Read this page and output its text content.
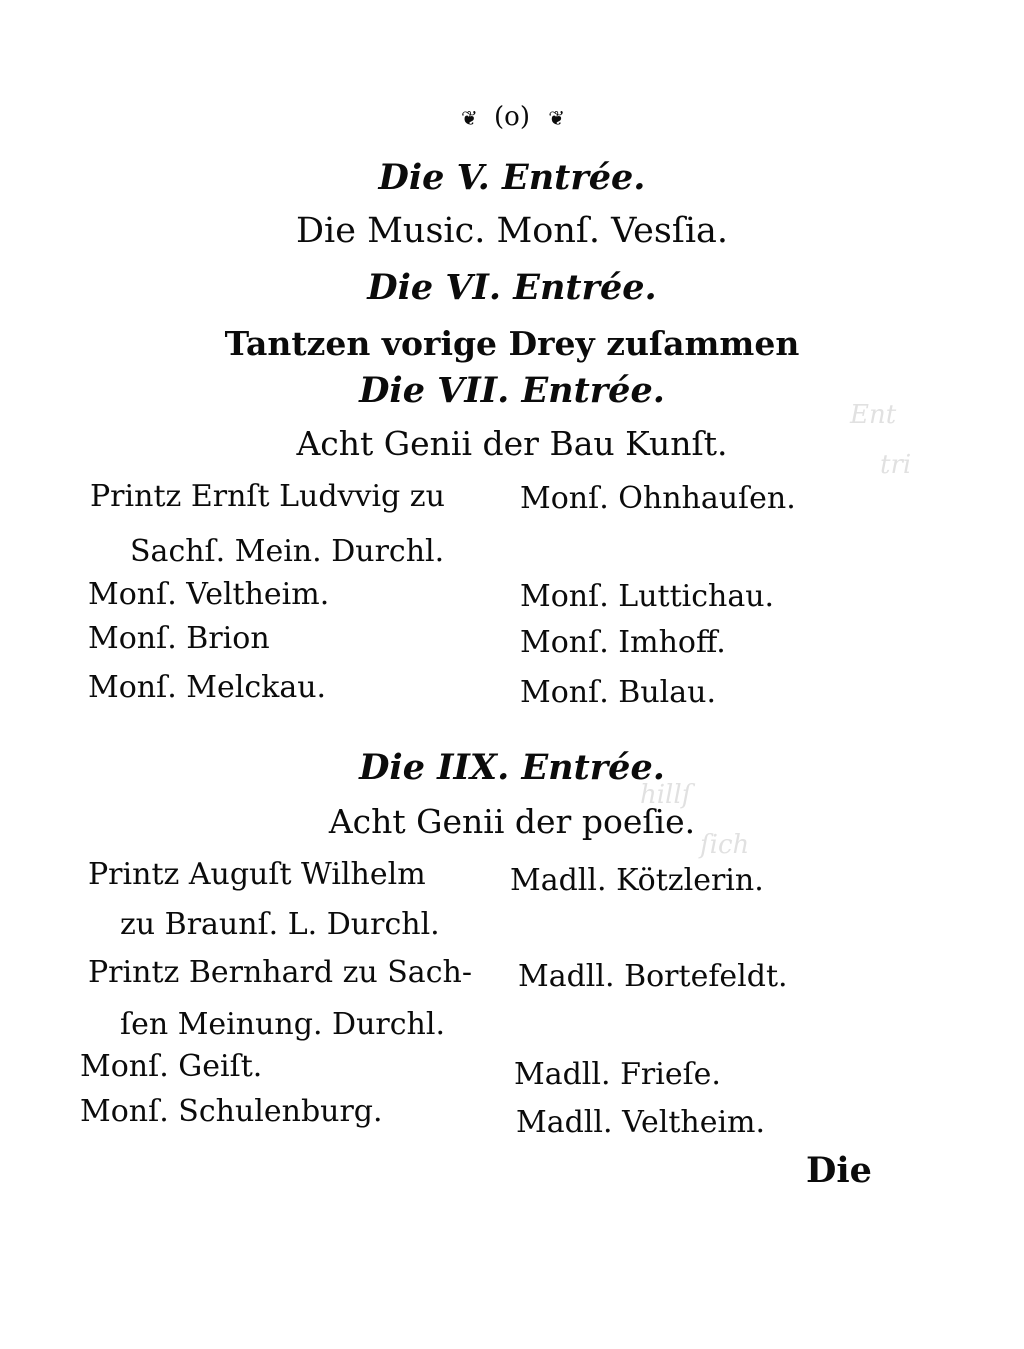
Ent
tri
hillſ
ſich
❦ (o) ❦
Die V. Entrée.
Die Music. Monſ. Vesſia.
Die VI. Entrée.
Tantzen vorige Drey zuſammen
Die VII. Entrée.
Acht Genii der Bau Kunſt.
Printz Ernſt Ludvvig zu
Sachſ. Mein. Durchl.
Monſ. Veltheim.
Monſ. Brion
Monſ. Melckau.
Monſ. Ohnhauſen.
Monſ. Luttichau.
Monſ. Imhoff.
Monſ. Bulau.
Die IIX. Entrée.
Acht Genii der poeſie.
Printz Auguſt Wilhelm
zu Braunſ. L. Durchl.
Printz Bernhard zu Sach-
ſen Meinung. Durchl.
Monſ. Geiſt.
Monſ. Schulenburg.
Madll. Kötzlerin.
Madll. Bortefeldt.
Madll. Frieſe.
Madll. Veltheim.
Die
